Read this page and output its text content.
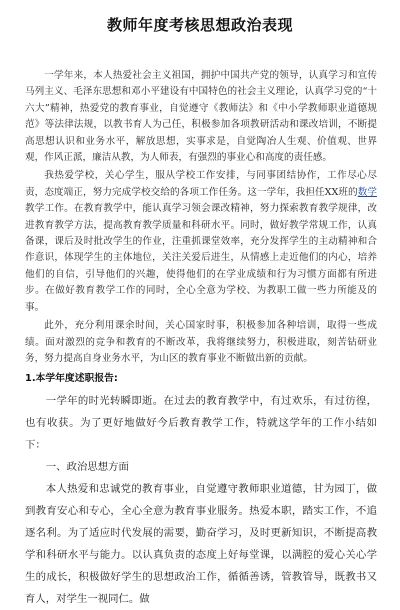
教师年度考核思想政治表现

一学年来，本人热爱社会主义祖国，拥护中国共产党的领导，认真学习和宣传马列主义、毛泽东思想和邓小平建设有中国特色的社会主义理论，认真学习党的“十六大”精神，热爱党的教育事业，自觉遵守《教师法》和《中小学教师职业道德规范》等法律法规，以教书育人为己任，积极参加各项教研活动和课改培训，不断提高思想认识和业务水平，解放思想，实事求是，自觉陶冶人生观、价值观、世界观，作风正派，廉洁从教，为人师表，有强烈的事业心和高度的责任感。

我热爱学校，关心学生，服从学校工作安排，与同事团结协作，工作尽心尽责，态度端正，努力完成学校交给的各项工作任务。这一学年，我担任XX班的数学教学工作。在教育教学中，能认真学习领会课改精神，努力探索教育教学规律，改进教育教学方法，提高教育教学质量和科研水平。同时，做好教学常规工作，认真备课，课后及时批改学生的作业，注重抓课堂效率，充分发挥学生的主动精神和合作意识，体现学生的主体地位，关注关爱后进生，从情感上走近他们的内心，培养他们的自信，引导他们的兴趣，使得他们的在学业成绩和行为习惯方面都有所进步。在做好教育教学工作的同时，全心全意为学校、为教职工做一些力所能及的事。

此外，充分利用课余时间，关心国家时事，积极参加各种培训，取得一些成绩。面对激烈的竞争和教育的不断改革，我将继续努力，积极进取，刻苦钻研业务，努力提高自身业务水平，为山区的教育事业不断做出新的贡献。

1.本学年度述职报告:

一学年的时光转瞬即逝。在过去的教育教学中，有过欢乐，有过彷徨，也有收获。为了更好地做好今后教育教学工作，特就这学年的工作小结如下：

一、政治思想方面

本人热爱和忠诚党的教育事业，自觉遵守教师职业道德，甘为园丁，做到教育安心和专心，全心全意为教育事业服务。热爱本职，踏实工作，不追逐名利。为了适应时代发展的需要，勤奋学习，及时更新知识，不断提高教学和科研水平与能力。以认真负责的态度上好每堂课，以满腔的爱心关心学生的成长，积极做好学生的思想政治工作，循循善诱，管教管导，既教书又育人，对学生一视同仁。做
